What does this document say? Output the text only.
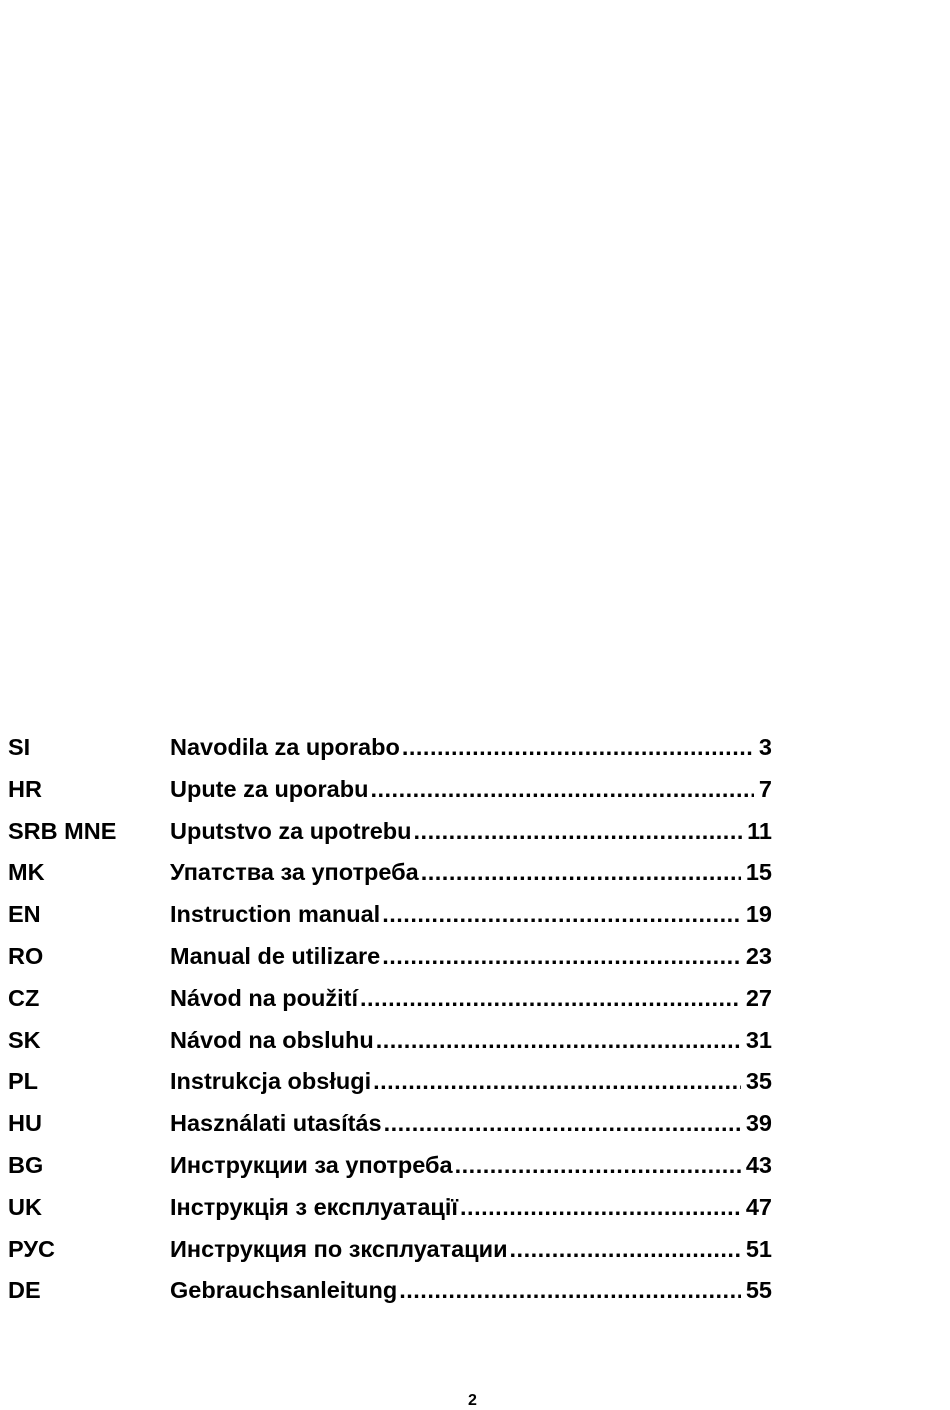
SI	Navodila za uporabo .....	3
HR	Upute za uporabu .....	7
SRB MNE	Uputstvo za upotrebu .....	11
MK	Упатства за употреба .....	15
EN	Instruction manual .....	19
RO	Manual de utilizare .....	23
CZ	Návod na použití .....	27
SK	Návod na obsluhu .....	31
PL	Instrukcja obsługi .....	35
HU	Használati utasítás .....	39
BG	Инструкции за употреба .....	43
UK	Інструкція з експлуатації .....	47
РУС	Инструкция по зксплуатации .....	51
DE	Gebrauchsanleitung .....	55
2
